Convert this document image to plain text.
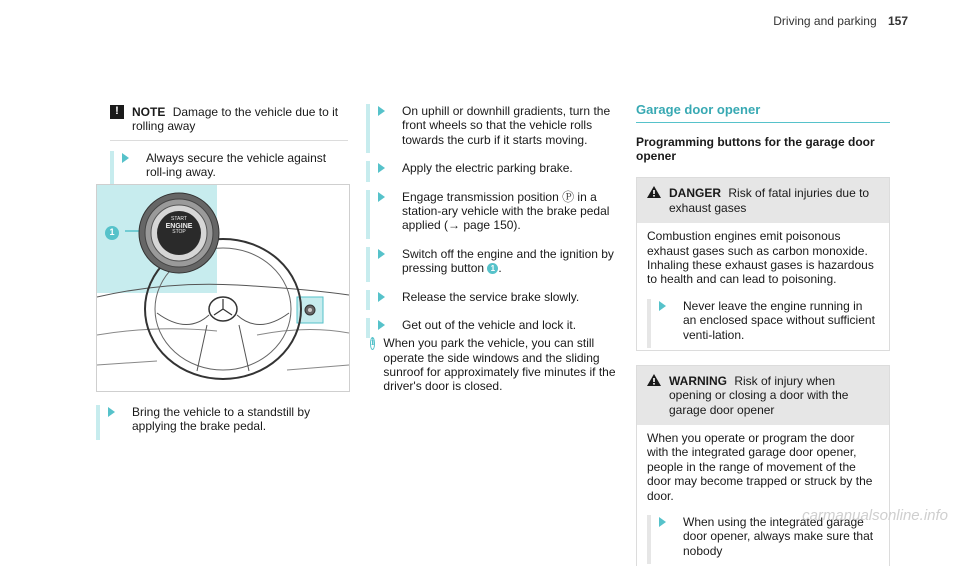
Driving and parking 157
!	NOTE Damage to the vehicle due to it rolling away
Always secure the vehicle against roll-ing away.
1
START
ENGINE
STOP
Bring the vehicle to a standstill by applying the brake pedal.
On uphill or downhill gradients, turn the front wheels so that the vehicle rolls towards the curb if it starts moving.
Apply the electric parking brake.
Engage transmission position Ⓟ in a station-ary vehicle with the brake pedal applied (→ page 150).
Switch off the engine and the ignition by pressing button 1 .
Release the service brake slowly.
Get out of the vehicle and lock it.
i When you park the vehicle, you can still operate the side windows and the sliding sunroof for approximately five minutes if the driver's door is closed.
Garage door opener
Programming buttons for the garage door opener
DANGER Risk of fatal injuries due to exhaust gases
Combustion engines emit poisonous exhaust gases such as carbon monoxide. Inhaling these exhaust gases is hazardous to health and can lead to poisoning.
Never leave the engine running in an enclosed space without sufficient venti-lation.
WARNING Risk of injury when opening or closing a door with the garage door opener
When you operate or program the door with the integrated garage door opener, people in the range of movement of the door may become trapped or struck by the door.
When using the integrated garage door opener, always make sure that nobody
carmanualsonline.info
